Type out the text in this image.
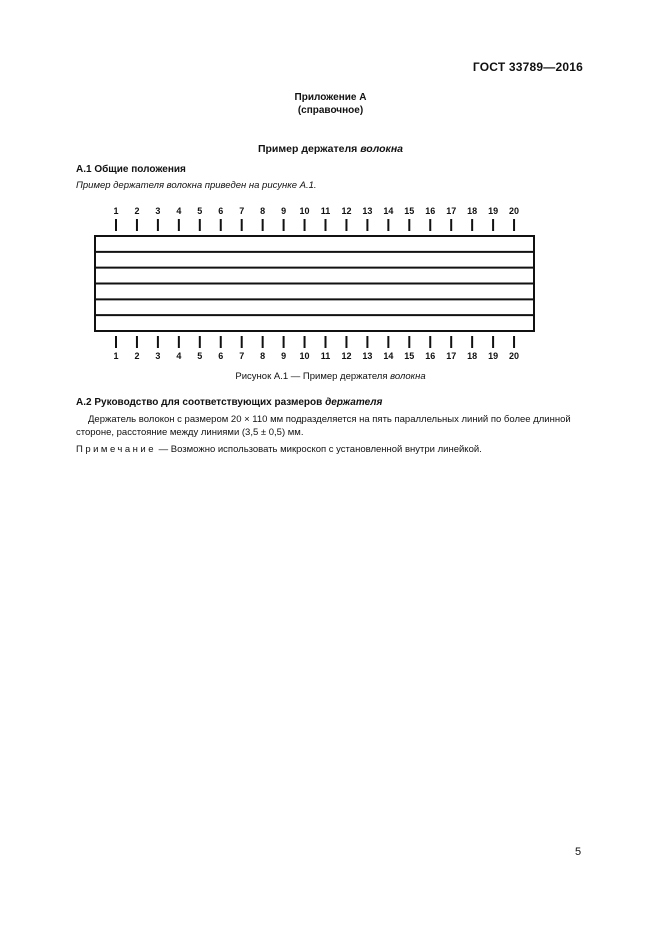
ГОСТ 33789—2016
Приложение А
(справочное)
Пример держателя волокна
А.1 Общие положения
Пример держателя волокна приведен на рисунке А.1.
1 2 3 4 5 6 7 8 9 10 11 12 13 14 15 16 17 18 19 20
1 2 3 4 5 6 7 8 9 10 11 12 13 14 15 16 17 18 19 20
Рисунок А.1 — Пример держателя волокна
А.2 Руководство для соответствующих размеров держателя
Держатель волокон с размером 20 × 110 мм подразделяется на пять параллельных линий по более длинной стороне, расстояние между линиями (3,5 ± 0,5) мм.
Примечание — Возможно использовать микроскоп с установленной внутри линейкой.
5
